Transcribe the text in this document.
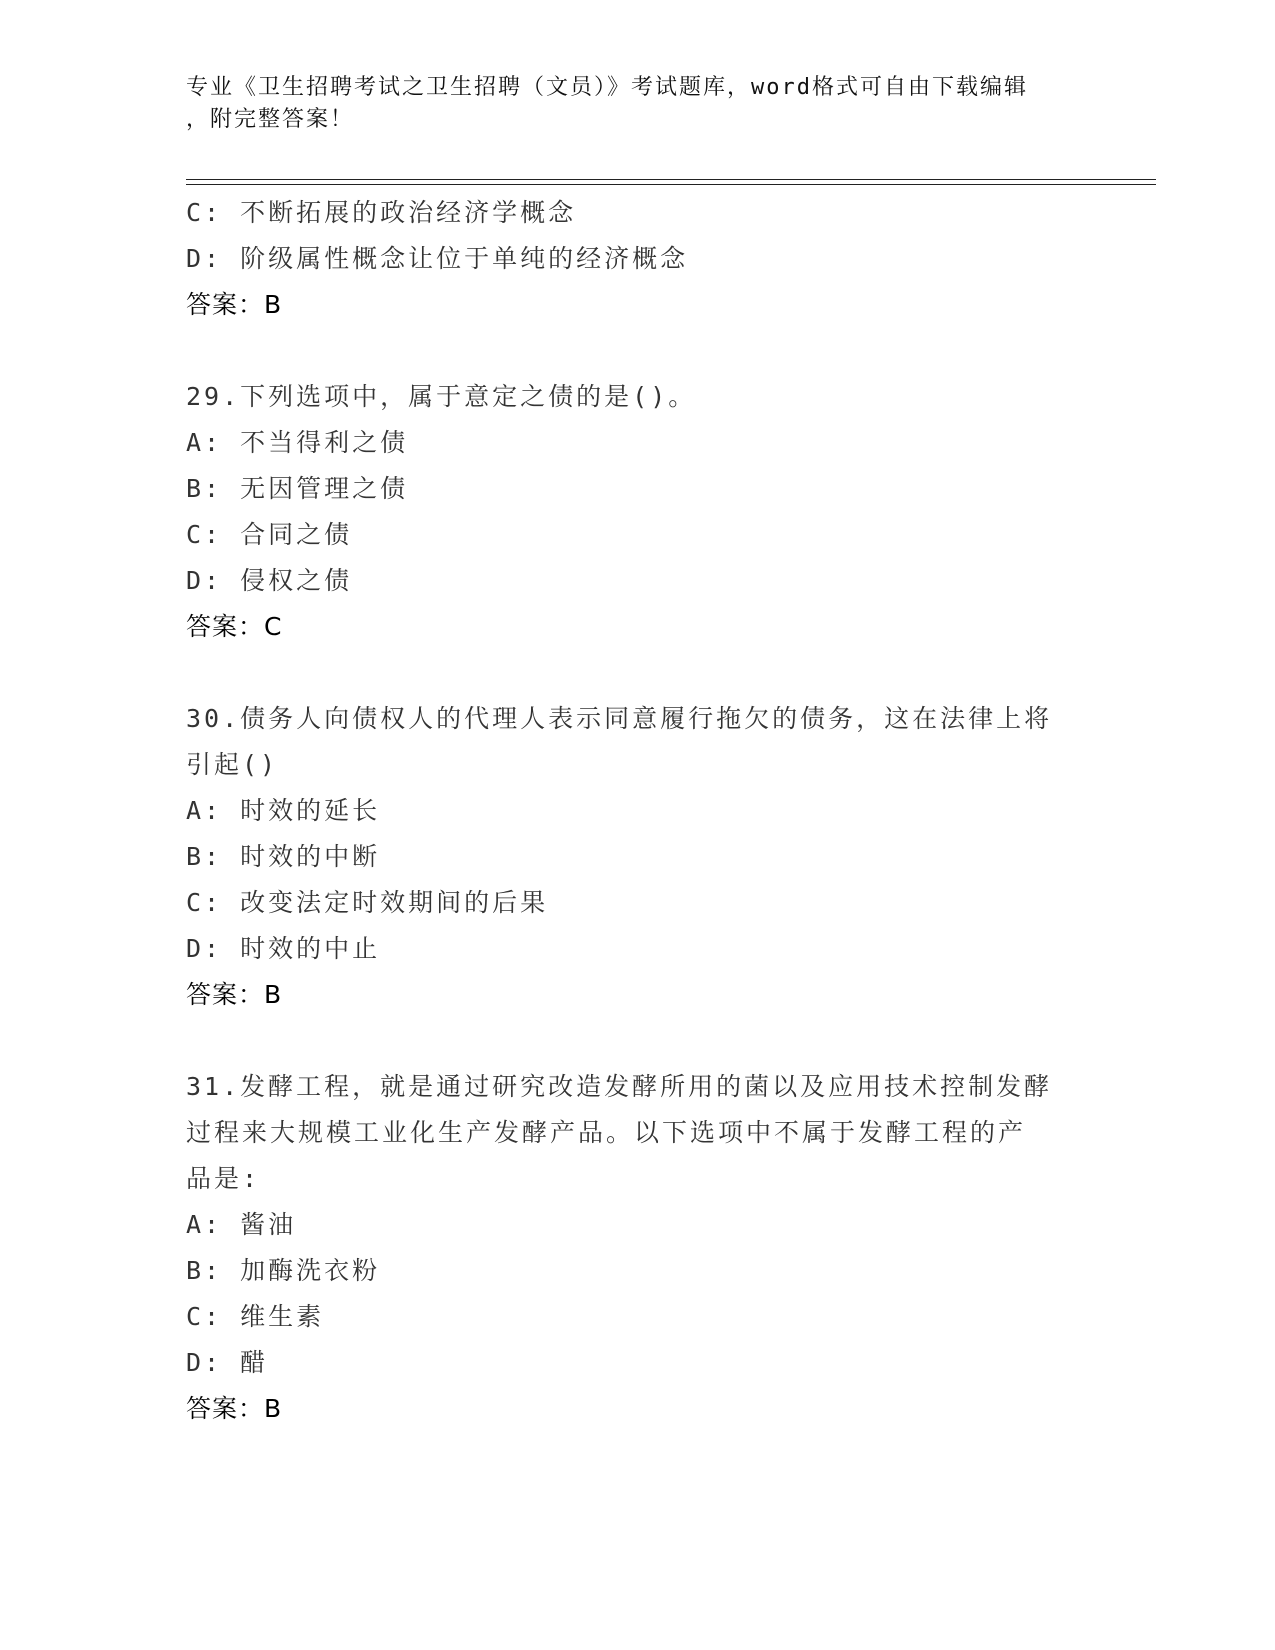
专业《卫生招聘考试之卫生招聘（文员）》考试题库，word格式可自由下载编辑
，附完整答案！
C: 不断拓展的政治经济学概念
D: 阶级属性概念让位于单纯的经济概念
答案：B
29.下列选项中，属于意定之债的是()。
A: 不当得利之债
B: 无因管理之债
C: 合同之债
D: 侵权之债
答案：C
30.债务人向债权人的代理人表示同意履行拖欠的债务，这在法律上将
引起()
A: 时效的延长
B: 时效的中断
C: 改变法定时效期间的后果
D: 时效的中止
答案：B
31.发酵工程，就是通过研究改造发酵所用的菌以及应用技术控制发酵
过程来大规模工业化生产发酵产品。以下选项中不属于发酵工程的产
品是:
A: 酱油
B: 加酶洗衣粉
C: 维生素
D: 醋
答案：B
